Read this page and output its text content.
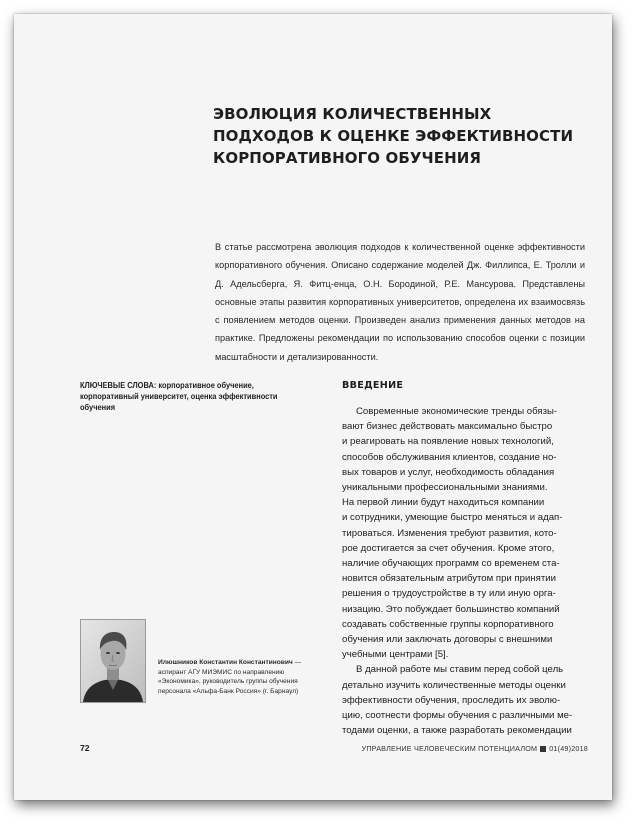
ЭВОЛЮЦИЯ КОЛИЧЕСТВЕННЫХ
ПОДХОДОВ К ОЦЕНКЕ ЭФФЕКТИВНОСТИ
КОРПОРАТИВНОГО ОБУЧЕНИЯ

В статье рассмотрена эволюция подходов к количественной оценке эффективности корпоративного обучения. Описано содержание моделей Дж. Филлипса, Е. Тролли и Д. Адельсберга, Я. Фитц-енца, О.Н. Бородиной, Р.Е. Мансурова. Представлены основные этапы развития корпоративных университетов, определена их взаимосвязь с появлением методов оценки. Произведен анализ применения данных методов на практике. Предложены рекомендации по использованию способов оценки с позиции масштабности и детализированности.

КЛЮЧЕВЫЕ СЛОВА: корпоративное обучение, корпоративный университет, оценка эффективности обучения
ВВЕДЕНИЕ

Современные экономические тренды обязы-
вают бизнес действовать максимально быстро
и реагировать на появление новых технологий,
способов обслуживания клиентов, создание но-
вых товаров и услуг, необходимость обладания
уникальными профессиональными знаниями.
На первой линии будут находиться компании
и сотрудники, умеющие быстро меняться и адап-
тироваться. Изменения требуют развития, кото-
рое достигается за счет обучения. Кроме этого,
наличие обучающих программ со временем ста-
новится обязательным атрибутом при принятии
решения о трудоустройстве в ту или иную орга-
низацию. Это побуждает большинство компаний
создавать собственные группы корпоративного
обучения или заключать договоры с внешними
учебными центрами [5].

В данной работе мы ставим перед собой цель
детально изучить количественные методы оценки
эффективности обучения, проследить их эволю-
цию, соотнести формы обучения с различными ме-
тодами оценки, а также разработать рекомендации

Илюшников Константин Константинович — аспирант АГУ МИЭМИС по направлению «Экономика», руководитель группы обучения персонала «Альфа-Банк Россия» (г. Барнаул)
72	УПРАВЛЕНИЕ ЧЕЛОВЕЧЕСКИМ ПОТЕНЦИАЛОМ 01(49)2018
